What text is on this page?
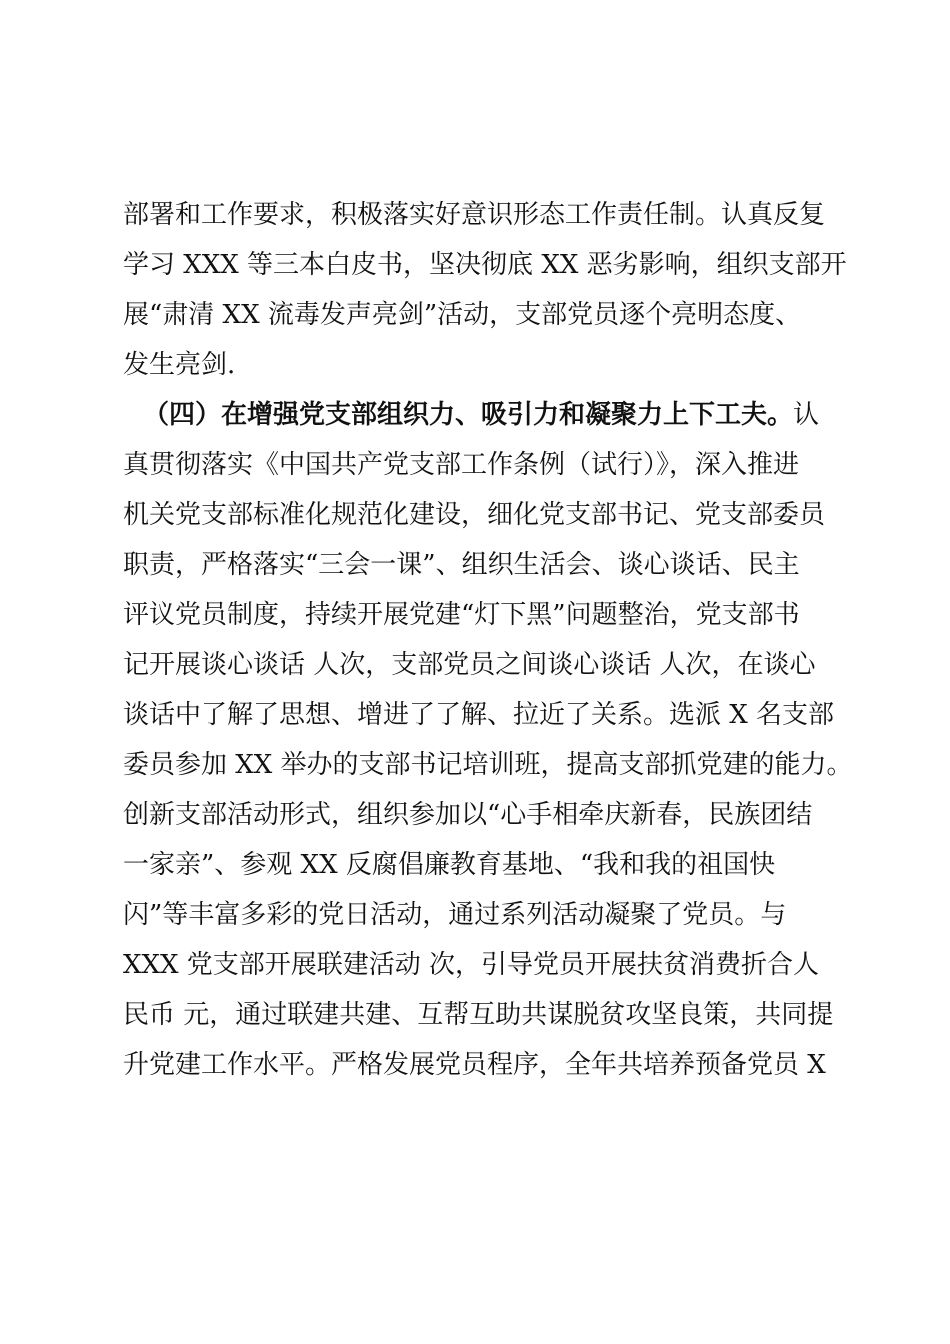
部署和工作要求，积极落实好意识形态工作责任制。认真反复
学习 XXX 等三本白皮书，坚决彻底 XX 恶劣影响，组织支部开
展“肃清 XX 流毒发声亮剑”活动，支部党员逐个亮明态度、
发生亮剑.
（四）在增强党支部组织力、吸引力和凝聚力上下工夫。认
真贯彻落实《中国共产党支部工作条例（试行）》，深入推进
机关党支部标准化规范化建设，细化党支部书记、党支部委员
职责，严格落实“三会一课”、组织生活会、谈心谈话、民主
评议党员制度，持续开展党建“灯下黑”问题整治，党支部书
记开展谈心谈话 人次，支部党员之间谈心谈话 人次，在谈心
谈话中了解了思想、增进了了解、拉近了关系。选派 X 名支部
委员参加 XX 举办的支部书记培训班，提高支部抓党建的能力。
创新支部活动形式，组织参加以“心手相牵庆新春，民族团结
一家亲”、参观 XX 反腐倡廉教育基地、“我和我的祖国快
闪”等丰富多彩的党日活动，通过系列活动凝聚了党员。与
XXX 党支部开展联建活动 次，引导党员开展扶贫消费折合人
民币 元，通过联建共建、互帮互助共谋脱贫攻坚良策，共同提
升党建工作水平。严格发展党员程序，全年共培养预备党员 X
